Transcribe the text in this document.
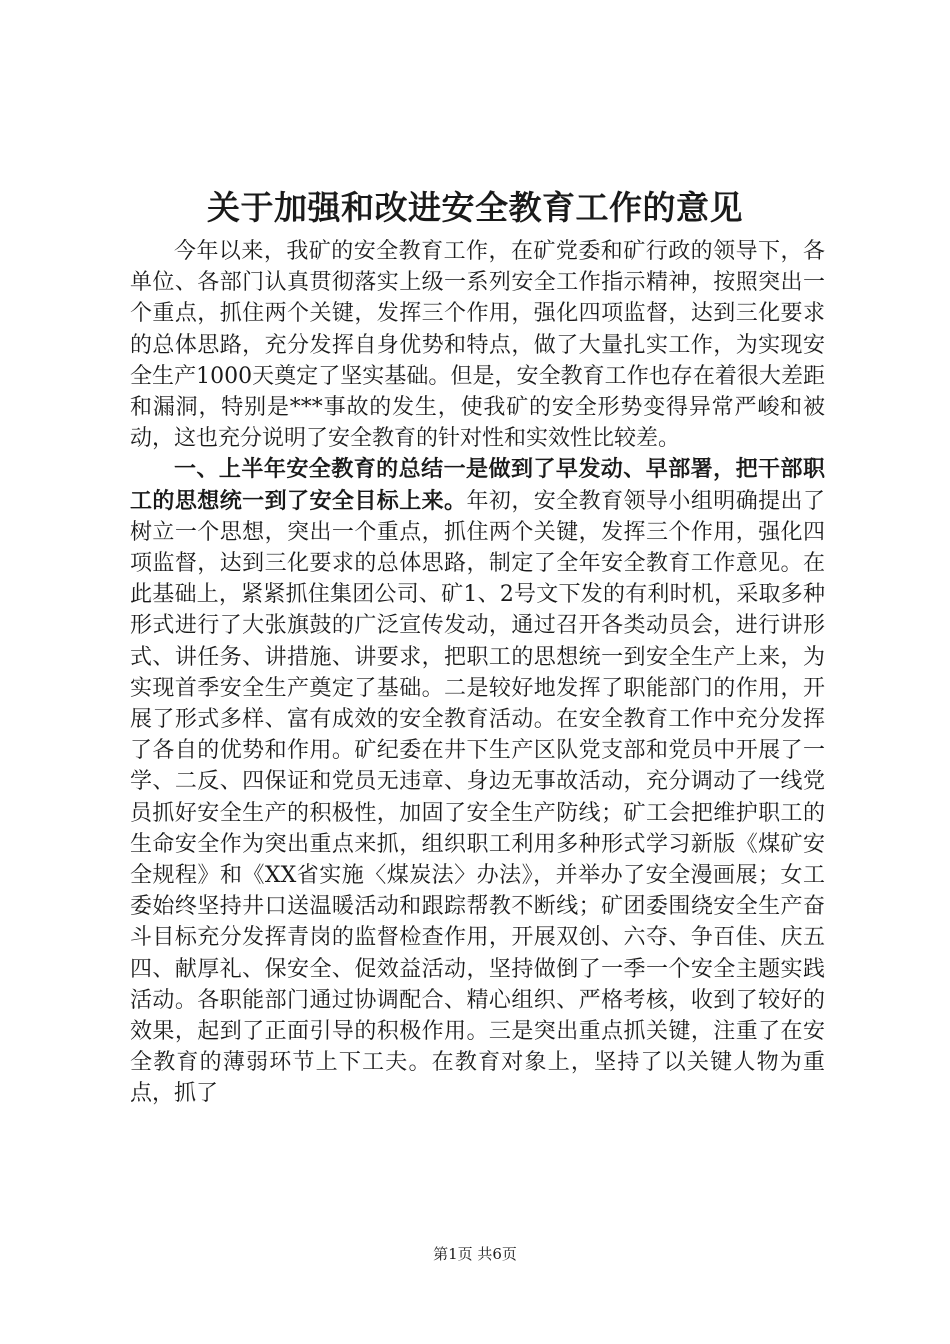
关于加强和改进安全教育工作的意见

今年以来，我矿的安全教育工作，在矿党委和矿行政的领导下，各单位、各部门认真贯彻落实上级一系列安全工作指示精神，按照突出一个重点，抓住两个关键，发挥三个作用，强化四项监督，达到三化要求的总体思路，充分发挥自身优势和特点，做了大量扎实工作，为实现安全生产1000天奠定了坚实基础。但是，安全教育工作也存在着很大差距和漏洞，特别是***事故的发生，使我矿的安全形势变得异常严峻和被动，这也充分说明了安全教育的针对性和实效性比较差。

一、上半年安全教育的总结一是做到了早发动、早部署，把干部职工的思想统一到了安全目标上来。年初，安全教育领导小组明确提出了树立一个思想，突出一个重点，抓住两个关键，发挥三个作用，强化四项监督，达到三化要求的总体思路，制定了全年安全教育工作意见。在此基础上，紧紧抓住集团公司、矿1、2号文下发的有利时机，采取多种形式进行了大张旗鼓的广泛宣传发动，通过召开各类动员会，进行讲形式、讲任务、讲措施、讲要求，把职工的思想统一到安全生产上来，为实现首季安全生产奠定了基础。二是较好地发挥了职能部门的作用，开展了形式多样、富有成效的安全教育活动。在安全教育工作中充分发挥了各自的优势和作用。矿纪委在井下生产区队党支部和党员中开展了一学、二反、四保证和党员无违章、身边无事故活动，充分调动了一线党员抓好安全生产的积极性，加固了安全生产防线；矿工会把维护职工的生命安全作为突出重点来抓，组织职工利用多种形式学习新版《煤矿安全规程》和《XX省实施〈煤炭法〉办法》，并举办了安全漫画展；女工委始终坚持井口送温暖活动和跟踪帮教不断线；矿团委围绕安全生产奋斗目标充分发挥青岗的监督检查作用，开展双创、六夺、争百佳、庆五四、献厚礼、保安全、促效益活动，坚持做倒了一季一个安全主题实践活动。各职能部门通过协调配合、精心组织、严格考核，收到了较好的效果，起到了正面引导的积极作用。三是突出重点抓关键，注重了在安全教育的薄弱环节上下工夫。在教育对象上，坚持了以关键人物为重点，抓了

第1页 共6页
